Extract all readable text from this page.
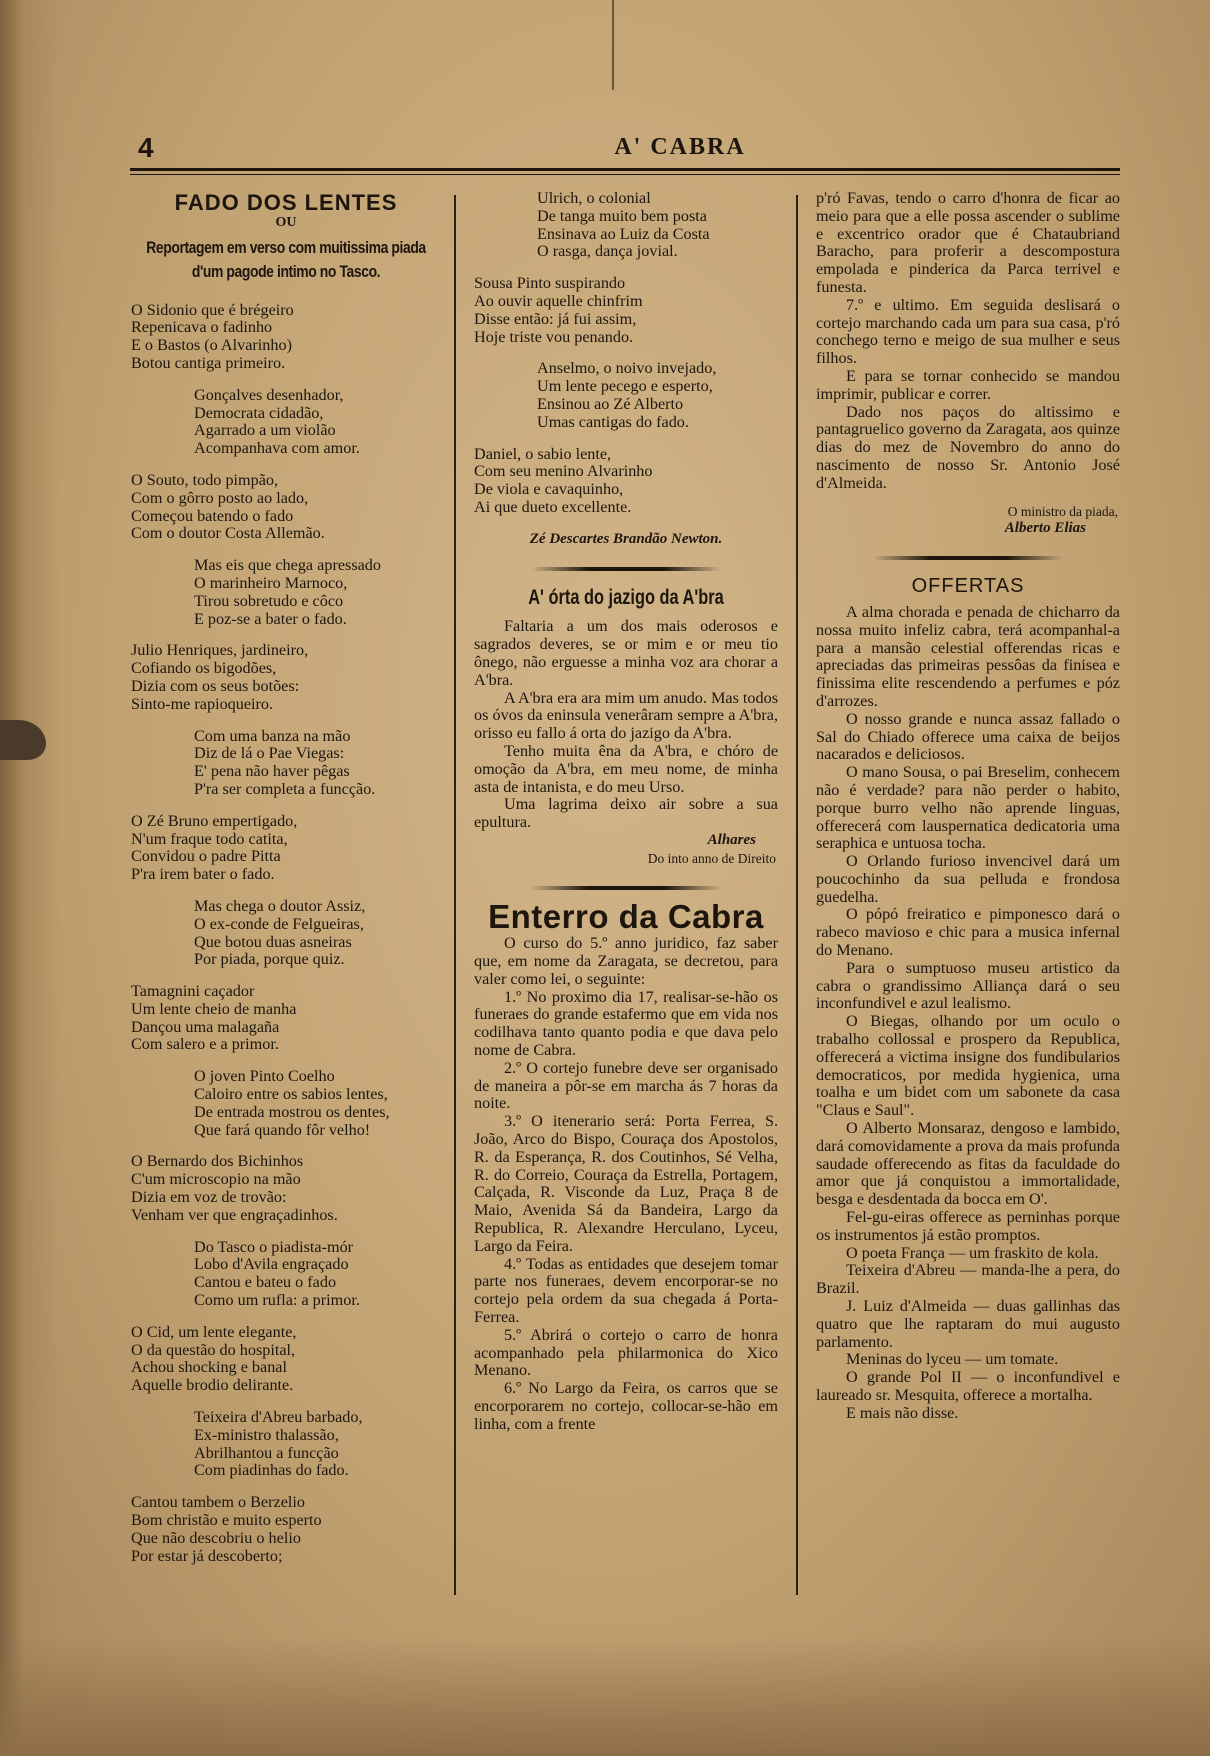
4	A' CABRA
FADO DOS LENTES
OU
Reportagem em verso com muitissima piada d'um pagode intimo no Tasco.
O Sidonio que é brégeiro
Repenicava o fadinho
E o Bastos (o Alvarinho)
Botou cantiga primeiro.
Gonçalves desenhador,
Democrata cidadão,
Agarrado a um violão
Acompanhava com amor.
O Souto, todo pimpão,
Com o gôrro posto ao lado,
Começou batendo o fado
Com o doutor Costa Allemão.
Mas eis que chega apressado
O marinheiro Marnoco,
Tirou sobretudo e côco
E poz-se a bater o fado.
Julio Henriques, jardineiro,
Cofiando os bigodões,
Dizia com os seus botões:
Sinto-me rapioqueiro.
Com uma banza na mão
Diz de lá o Pae Viegas:
E' pena não haver pêgas
P'ra ser completa a funcção.
O Zé Bruno empertigado,
N'um fraque todo catita,
Convidou o padre Pitta
P'ra irem bater o fado.
Mas chega o doutor Assiz,
O ex-conde de Felgueiras,
Que botou duas asneiras
Por piada, porque quiz.
Tamagnini caçador
Um lente cheio de manha
Dançou uma malagaña
Com salero e a primor.
O joven Pinto Coelho
Caloiro entre os sabios lentes,
De entrada mostrou os dentes,
Que fará quando fôr velho!
O Bernardo dos Bichinhos
C'um microscopio na mão
Dizia em voz de trovão:
Venham ver que engraçadinhos.
Do Tasco o piadista-mór
Lobo d'Avila engraçado
Cantou e bateu o fado
Como um rufla: a primor.
O Cid, um lente elegante,
O da questão do hospital,
Achou shocking e banal
Aquelle brodio delirante.
Teixeira d'Abreu barbado,
Ex-ministro thalassão,
Abrilhantou a funcção
Com piadinhas do fado.
Cantou tambem o Berzelio
Bom christão e muito esperto
Que não descobriu o helio
Por estar já descoberto;
Ulrich, o colonial
De tanga muito bem posta
Ensinava ao Luiz da Costa
O rasga, dança jovial.
Sousa Pinto suspirando
Ao ouvir aquelle chinfrim
Disse então: já fui assim,
Hoje triste vou penando.
Anselmo, o noivo invejado,
Um lente pecego e esperto,
Ensinou ao Zé Alberto
Umas cantigas do fado.
Daniel, o sabio lente,
Com seu menino Alvarinho
De viola e cavaquinho,
Ai que dueto excellente.
Zé Descartes Brandão Newton.
A' órta do jazigo da A'bra

Faltaria a um dos mais oderosos e sagrados deveres, se or mim e or meu tio ônego, não erguesse a minha voz ara chorar a A'bra.

A A'bra era ara mim um anudo. Mas todos os óvos da eninsula venerâram sempre a A'bra, orisso eu fallo á orta do jazigo da A'bra.

Tenho muita êna da A'bra, e chóro de omoção da A'bra, em meu nome, de minha asta de intanista, e do meu Urso.

Uma lagrima deixo air sobre a sua epultura.

Alhares
Do into anno de Direito
Enterro da Cabra

O curso do 5.º anno juridico, faz saber que, em nome da Zaragata, se decretou, para valer como lei, o seguinte:

1.º No proximo dia 17, realisar-se-hão os funeraes do grande estafermo que em vida nos codilhava tanto quanto podia e que dava pelo nome de Cabra.

2.º O cortejo funebre deve ser organisado de maneira a pôr-se em marcha ás 7 horas da noite.

3.º O itenerario será: Porta Ferrea, S. João, Arco do Bispo, Couraça dos Apostolos, R. da Esperança, R. dos Coutinhos, Sé Velha, R. do Correio, Couraça da Estrella, Portagem, Calçada, R. Visconde da Luz, Praça 8 de Maio, Avenida Sá da Bandeira, Largo da Republica, R. Alexandre Herculano, Lyceu, Largo da Feira.

4.º Todas as entidades que desejem tomar parte nos funeraes, devem encorporar-se no cortejo pela ordem da sua chegada á Porta-Ferrea.

5.º Abrirá o cortejo o carro de honra acompanhado pela philarmonica do Xico Menano.

6.º No Largo da Feira, os carros que se encorporarem no cortejo, collocar-se-hão em linha, com a frente

p'ró Favas, tendo o carro d'honra de ficar ao meio para que a elle possa ascender o sublime e excentrico orador que é Chataubriand Baracho, para proferir a descompostura empolada e pinderica da Parca terrivel e funesta.

7.º e ultimo. Em seguida deslisará o cortejo marchando cada um para sua casa, p'ró conchego terno e meigo de sua mulher e seus filhos.

E para se tornar conhecido se mandou imprimir, publicar e correr.

Dado nos paços do altissimo e pantagruelico governo da Zaragata, aos quinze dias do mez de Novembro do anno do nascimento de nosso Sr. Antonio José d'Almeida.

O ministro da piada,
Alberto Elias
OFFERTAS

A alma chorada e penada de chicharro da nossa muito infeliz cabra, terá acompanhal-a para a mansão celestial offerendas ricas e apreciadas das primeiras pessôas da finisea e finissima elite rescendendo a perfumes e póz d'arrozes.

O nosso grande e nunca assaz fallado o Sal do Chiado offerece uma caixa de beijos nacarados e deliciosos.

O mano Sousa, o pai Breselim, conhecem não é verdade? para não perder o habito, porque burro velho não aprende linguas, offerecerá com lauspernatica dedicatoria uma seraphica e untuosa tocha.

O Orlando furioso invencivel dará um poucochinho da sua pelluda e frondosa guedelha.

O pópó freiratico e pimponesco dará o rabeco mavioso e chic para a musica infernal do Menano.

Para o sumptuoso museu artistico da cabra o grandissimo Alliança dará o seu inconfundivel e azul lealismo.

O Biegas, olhando por um oculo o trabalho collossal e prospero da Republica, offerecerá a victima insigne dos fundibularios democraticos, por medida hygienica, uma toalha e um bidet com um sabonete da casa "Claus e Saul".

O Alberto Monsaraz, dengoso e lambido, dará comovidamente a prova da mais profunda saudade offerecendo as fitas da faculdade do amor que já conquistou a immortalidade, besga e desdentada da bocca em O'.

Fel-gu-eiras offerece as perninhas porque os instrumentos já estão promptos.

O poeta França — um fraskito de kola.

Teixeira d'Abreu — manda-lhe a pera, do Brazil.

J. Luiz d'Almeida — duas gallinhas das quatro que lhe raptaram do mui augusto parlamento.

Meninas do lyceu — um tomate.

O grande Pol II — o inconfundivel e laureado sr. Mesquita, offerece a mortalha.

E mais não disse.
